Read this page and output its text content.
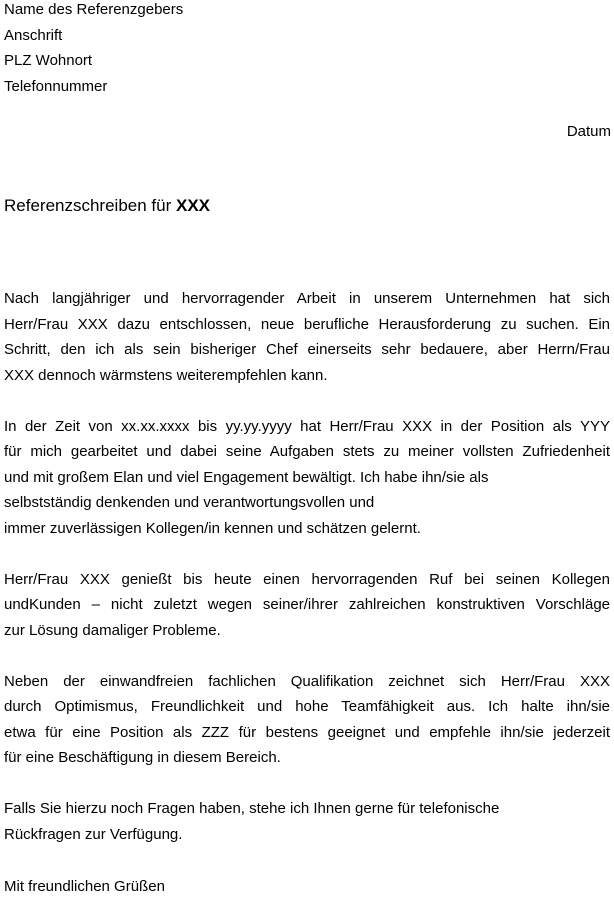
Name des Referenzgebers
Anschrift
PLZ Wohnort
Telefonnummer
Datum
Referenzschreiben für XXX
Nach langjähriger und hervorragender Arbeit in unserem Unternehmen hat sich
Herr/Frau XXX dazu entschlossen, neue berufliche Herausforderung zu suchen. Ein
Schritt, den ich als sein bisheriger Chef einerseits sehr bedauere, aber Herrn/Frau
XXX dennoch wärmstens weiterempfehlen kann.
In der Zeit von xx.xx.xxxx bis yy.yy.yyyy hat Herr/Frau XXX in der Position als YYY
für mich gearbeitet und dabei seine Aufgaben stets zu meiner vollsten Zufriedenheit
und mit großem Elan und viel Engagement bewältigt. Ich habe ihn/sie als
selbstständig denkenden und verantwortungsvollen und
immer zuverlässigen Kollegen/in kennen und schätzen gelernt.
Herr/Frau XXX genießt bis heute einen hervorragenden Ruf bei seinen Kollegen
undKunden – nicht zuletzt wegen seiner/ihrer zahlreichen konstruktiven Vorschläge
zur Lösung damaliger Probleme.
Neben der einwandfreien fachlichen Qualifikation zeichnet sich Herr/Frau XXX
durch Optimismus, Freundlichkeit und hohe Teamfähigkeit aus. Ich halte ihn/sie
etwa für eine Position als ZZZ für bestens geeignet und empfehle ihn/sie jederzeit
für eine Beschäftigung in diesem Bereich.
Falls Sie hierzu noch Fragen haben, stehe ich Ihnen gerne für telefonische
Rückfragen zur Verfügung.
Mit freundlichen Grüßen
